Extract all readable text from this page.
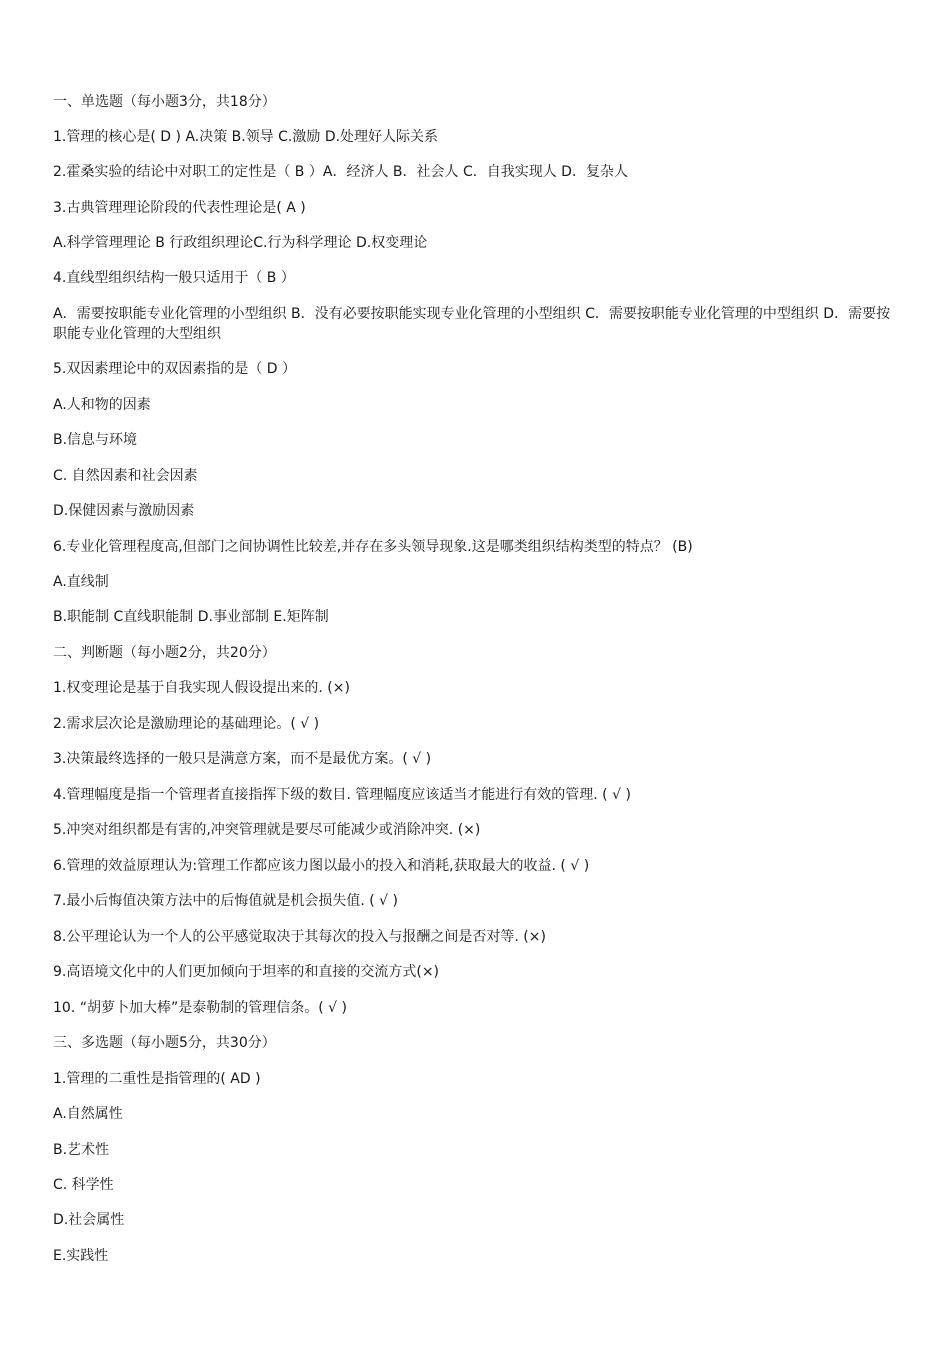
一、单选题（每小题3分，共18分）
1.管理的核心是( D ) A.决策 B.领导 C.激励 D.处理好人际关系
2.霍桑实验的结论中对职工的定性是（ B ）A．经济人 B．社会人 C．自我实现人 D．复杂人
3.古典管理理论阶段的代表性理论是( A )
A.科学管理理论 B 行政组织理论C.行为科学理论 D.权变理论
4.直线型组织结构一般只适用于（ B ）
A．需要按职能专业化管理的小型组织 B．没有必要按职能实现专业化管理的小型组织 C．需要按职能专业化管理的中型组织 D．需要按职能专业化管理的大型组织
5.双因素理论中的双因素指的是（ D ）
A.人和物的因素
B.信息与环境
C. 自然因素和社会因素
D.保健因素与激励因素
6.专业化管理程度高,但部门之间协调性比较差,并存在多头领导现象.这是哪类组织结构类型的特点？ (B)
A.直线制
B.职能制 C直线职能制 D.事业部制 E.矩阵制
二、判断题（每小题2分，共20分）
1.权变理论是基于自我实现人假设提出来的. (×)
2.需求层次论是激励理论的基础理论。( √ )
3.决策最终选择的一般只是满意方案，而不是最优方案。( √ )
4.管理幅度是指一个管理者直接指挥下级的数目. 管理幅度应该适当才能进行有效的管理. ( √ )
5.冲突对组织都是有害的,冲突管理就是要尽可能减少或消除冲突. (×)
6.管理的效益原理认为:管理工作都应该力图以最小的投入和消耗,获取最大的收益. ( √ )
7.最小后悔值决策方法中的后悔值就是机会损失值. ( √ )
8.公平理论认为一个人的公平感觉取决于其每次的投入与报酬之间是否对等. (×)
9.高语境文化中的人们更加倾向于坦率的和直接的交流方式(×)
10. “胡萝卜加大棒”是泰勒制的管理信条。( √ )
三、多选题（每小题5分，共30分）
1.管理的二重性是指管理的( AD )
A.自然属性
B.艺术性
C. 科学性
D.社会属性
E.实践性
